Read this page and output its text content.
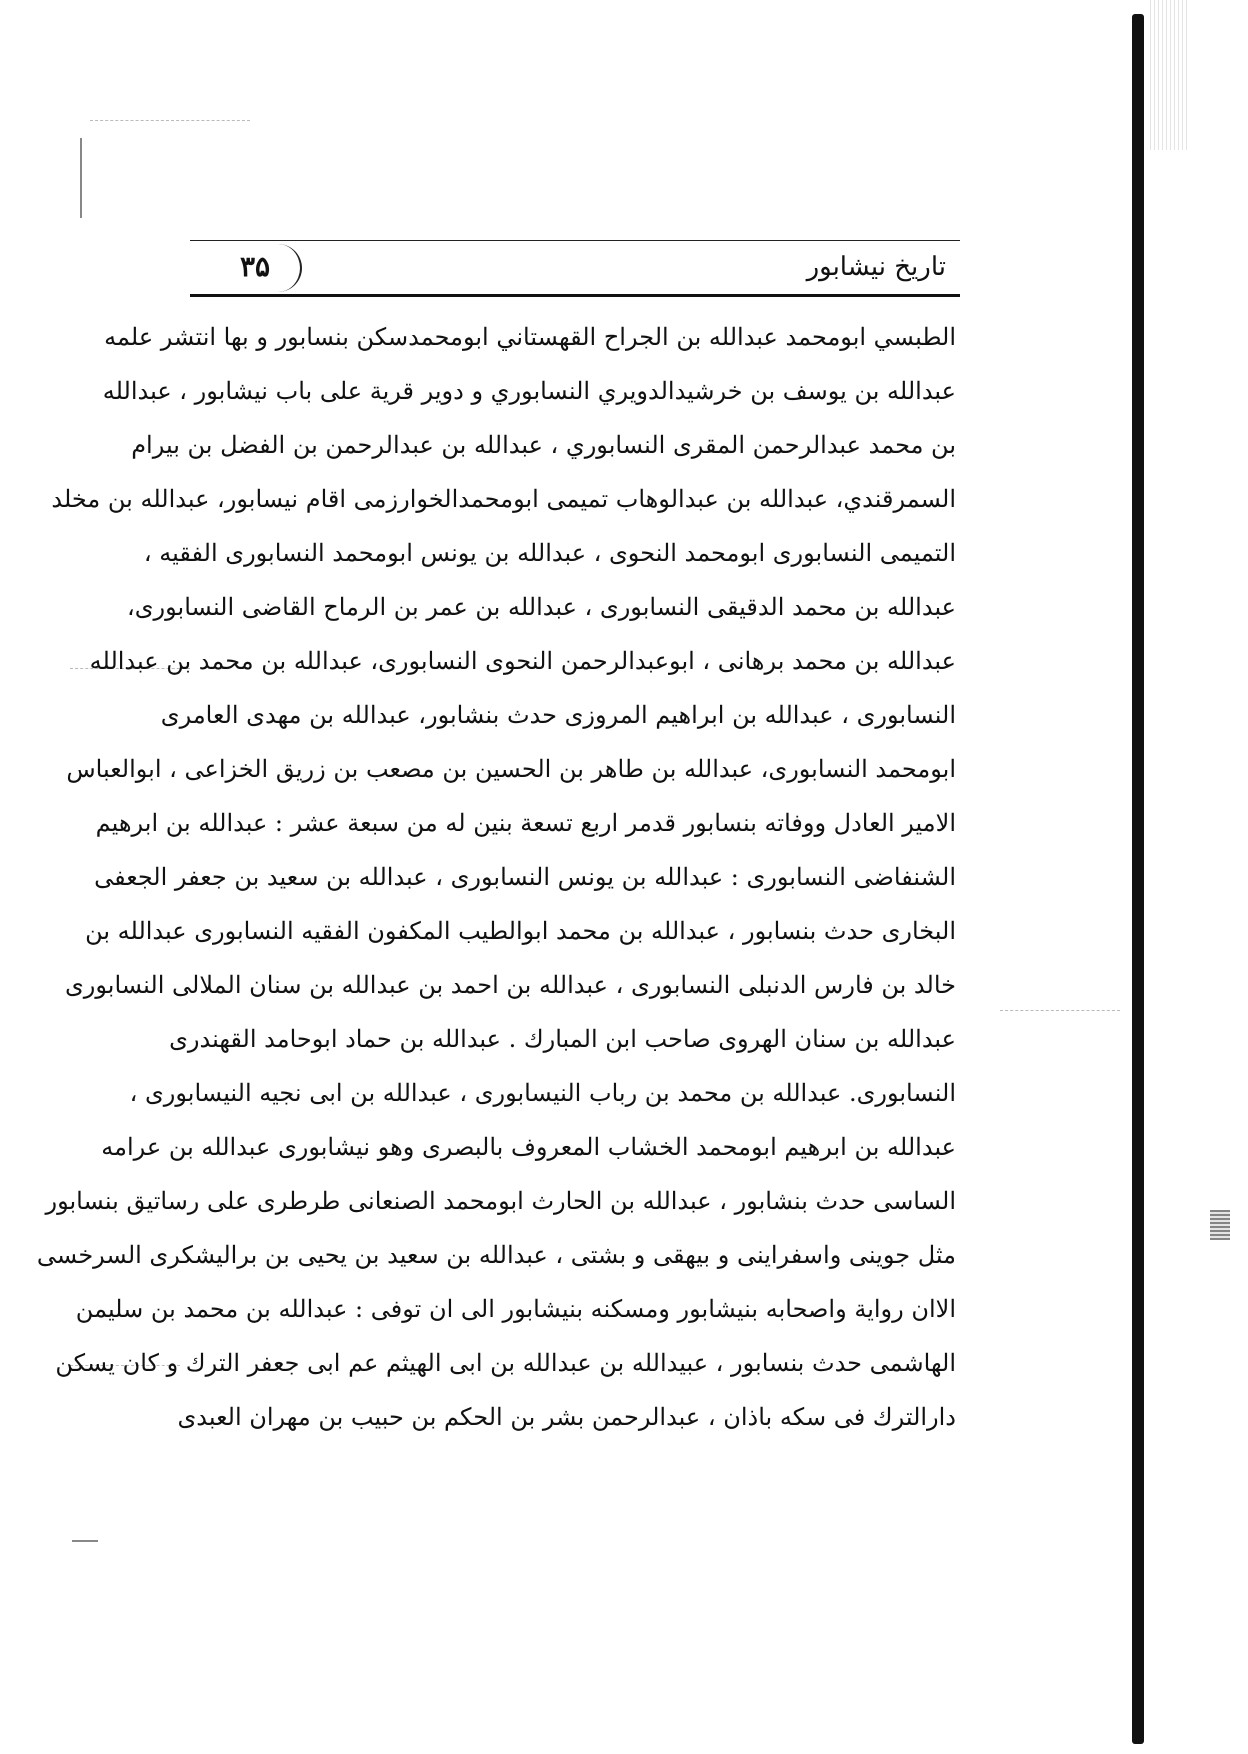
۳۵	تاريخ نيشابور
الطبسي ابومحمد عبدالله بن الجراح القهستاني ابومحمدسكن بنسابور و بها انتشر علمه
عبدالله بن يوسف بن خرشيدالدويري النسابوري و دوير قرية على باب نيشابور ، عبدالله
بن محمد عبدالرحمن المقرى النسابوري ، عبدالله بن عبدالرحمن بن الفضل بن بيرام
السمرقندي، عبدالله بن عبدالوهاب تميمى ابومحمدالخوارزمى اقام نيسابور، عبدالله بن مخلد
التميمى النسابورى ابومحمد النحوى ، عبدالله بن يونس ابومحمد النسابورى الفقيه ،
عبدالله بن محمد الدقيقى النسابورى ، عبدالله بن عمر بن الرماح القاضى النسابورى،
عبدالله بن محمد برهانى ، ابوعبدالرحمن النحوى النسابورى، عبدالله بن محمد بن عبدالله
النسابورى ، عبدالله بن ابراهيم المروزى حدث بنشابور، عبدالله بن مهدى العامرى
ابومحمد النسابورى، عبدالله بن طاهر بن الحسين بن مصعب بن زريق الخزاعى ، ابوالعباس
الامير العادل ووفاته بنسابور قدمر اربع تسعة بنين له من سبعة عشر : عبدالله بن ابرهيم
الشنفاضى النسابورى : عبدالله بن يونس النسابورى ، عبدالله بن سعيد بن جعفر الجعفى
البخارى حدث بنسابور ، عبدالله بن محمد ابوالطيب المكفون الفقيه النسابورى عبدالله بن
خالد بن فارس الدنبلى النسابورى ، عبدالله بن احمد بن عبدالله بن سنان الملالى النسابورى
عبدالله بن سنان الهروى صاحب ابن المبارك . عبدالله بن حماد ابوحامد القهندرى
النسابورى. عبدالله بن محمد بن رباب النيسابورى ، عبدالله بن ابى نجيه النيسابورى ،
عبدالله بن ابرهيم ابومحمد الخشاب المعروف بالبصرى وهو نيشابورى عبدالله بن عرامه
الساسى حدث بنشابور ، عبدالله بن الحارث ابومحمد الصنعانى طرطرى على رساتيق بنسابور
مثل جوينى واسفراينى و بيهقى و بشتى ، عبدالله بن سعيد بن يحيى بن براليشكرى السرخسى
الاان رواية واصحابه بنيشابور ومسكنه بنيشابور الى ان توفى : عبدالله بن محمد بن سليمن
الهاشمى حدث بنسابور ، عبيدالله بن عبدالله بن ابى الهيثم عم ابى جعفر الترك و كان يسكن
دارالترك فى سكه باذان ، عبدالرحمن بشر بن الحكم بن حبيب بن مهران العبدى
